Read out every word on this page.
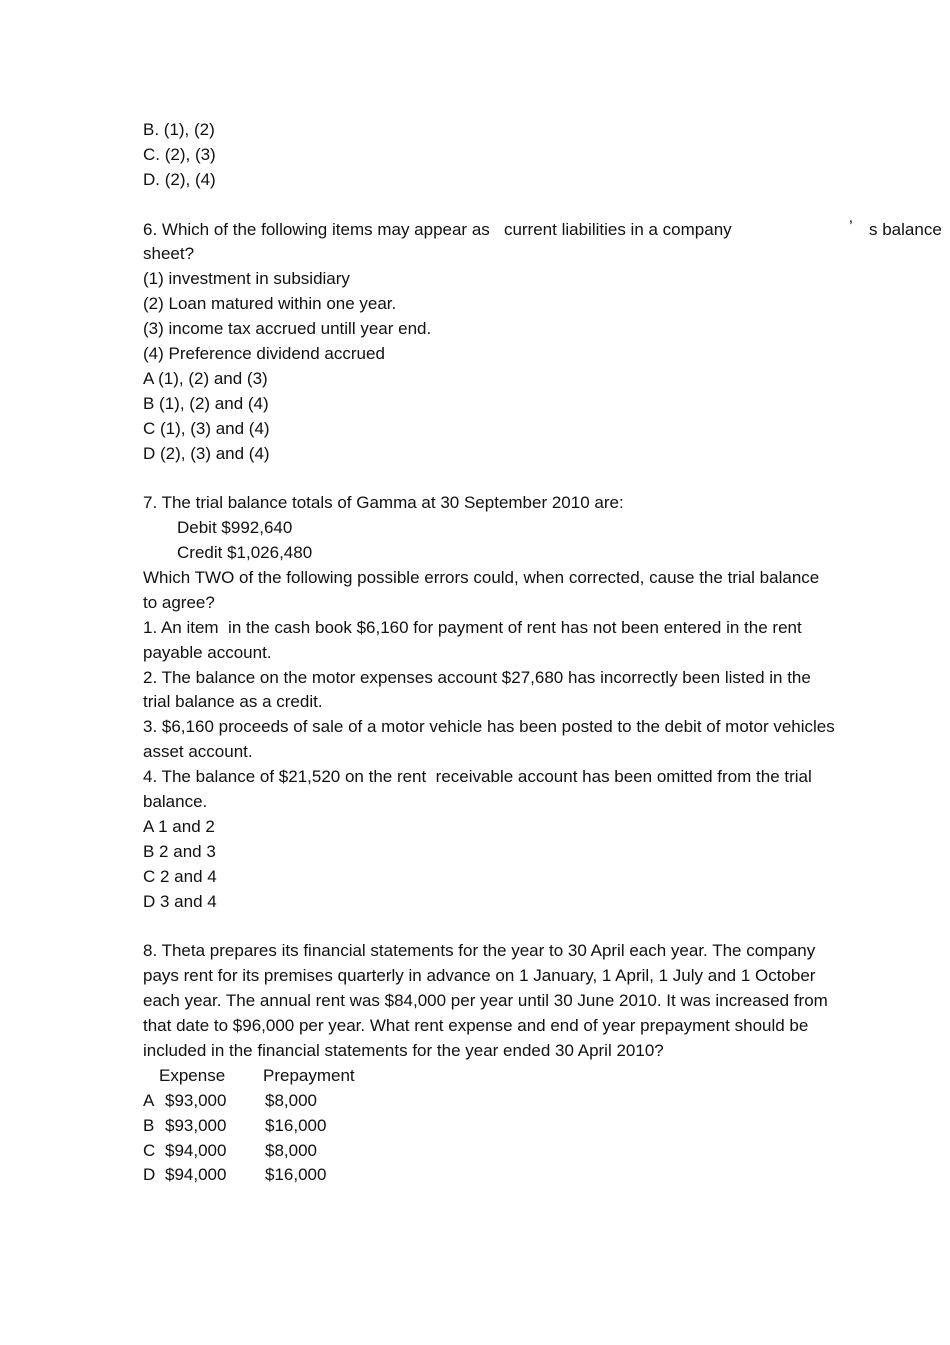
B. (1), (2)
C. (2), (3)
D. (2), (4)
6. Which of the following items may appear as   current liabilities in a company	’ s balance
sheet?
(1) investment in subsidiary
(2) Loan matured within one year.
(3) income tax accrued untill year end.
(4) Preference dividend accrued
A (1), (2) and (3)
B (1), (2) and (4)
C (1), (3) and (4)
D (2), (3) and (4)
7. The trial balance totals of Gamma at 30 September 2010 are:
Debit $992,640
Credit $1,026,480
Which TWO of the following possible errors could, when corrected, cause the trial balance
to agree?
1. An item  in the cash book $6,160 for payment of rent has not been entered in the rent
payable account.
2. The balance on the motor expenses account $27,680 has incorrectly been listed in the
trial balance as a credit.
3. $6,160 proceeds of sale of a motor vehicle has been posted to the debit of motor vehicles
asset account.
4. The balance of $21,520 on the rent  receivable account has been omitted from the trial
balance.
A 1 and 2
B 2 and 3
C 2 and 4
D 3 and 4
8. Theta prepares its financial statements for the year to 30 April each year. The company
pays rent for its premises quarterly in advance on 1 January, 1 April, 1 July and 1 October
each year. The annual rent was $84,000 per year until 30 June 2010. It was increased from
that date to $96,000 per year. What rent expense and end of year prepayment should be
included in the financial statements for the year ended 30 April 2010?
Expense	Prepayment
A $93,000	$8,000
B $93,000	$16,000
C $94,000	$8,000
D $94,000	$16,000
